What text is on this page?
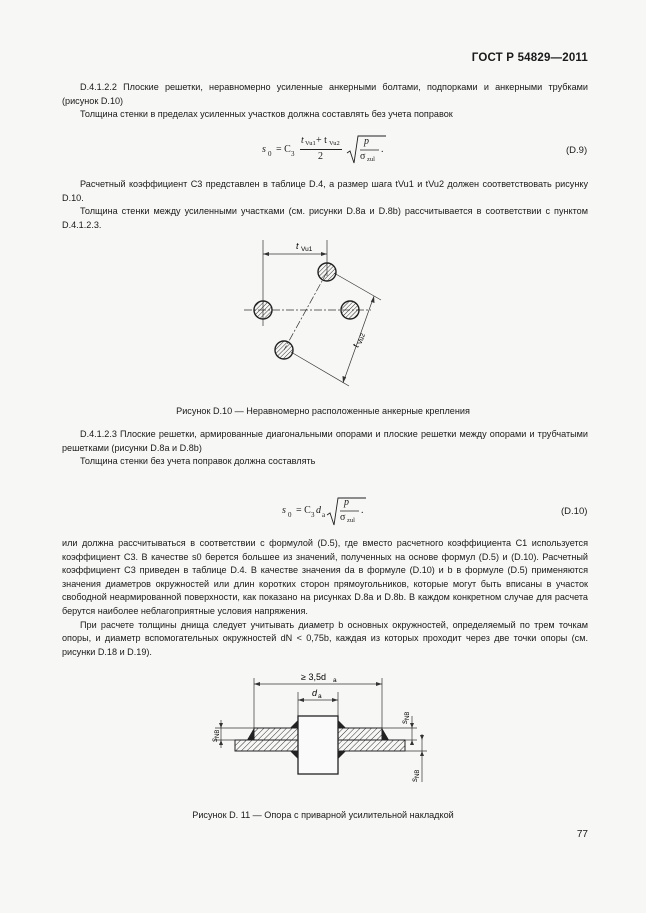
ГОСТ Р 54829—2011

D.4.1.2.2 Плоские решетки, неравномерно усиленные анкерными болтами, подпорками и анкерными трубками (рисунок D.10)

Толщина стенки в пределах усиленных участков должна составлять без учета поправок

s 0 = C 3
t Vu1 + t Vu2
2
p
σ zul
.	(D.9)

Расчетный коэффициент C3 представлен в таблице D.4, а размер шага tVu1 и tVu2 должен соответствовать рисунку D.10.

Толщина стенки между усиленными участками (см. рисунки D.8a и D.8b) рассчитывается в соответствии с пунктом D.4.1.2.3.

t Vu1
t
Vu2
Рисунок D.10 — Неравномерно расположенные анкерные крепления

D.4.1.2.3 Плоские решетки, армированные диагональными опорами и плоские решетки между опорами и трубчатыми решетками (рисунки D.8a и D.8b)

Толщина стенки без учета поправок должна составлять

s 0 = C 3 d a
p
σ zul
.	(D.10)

или должна рассчитываться в соответствии с формулой (D.5), где вместо расчетного коэффициента C1 используется коэффициент C3. В качестве s0 берется большее из значений, полученных на основе формул (D.5) и (D.10). Расчетный коэффициент C3 приведен в таблице D.4. В качестве значения da в формуле (D.10) и b в формуле (D.5) применяются значения диаметров окружностей или длин коротких сторон прямоугольников, которые могут быть вписаны в участок свободной неармированной поверхности, как показано на рисунках D.8a и D.8b. В каждом конкретном случае для расчета берутся наиболее неблагоприятные условия напряжения.

При расчете толщины днища следует учитывать диаметр b основных окружностей, определяемый по трем точкам опоры, и диаметр вспомогательных окружностей dN < 0,75b, каждая из которых проходит через две точки опоры (см. рисунки D.18 и D.19).

≥ 3,5d a
d a
s
NB
s
NB
s
NB
Рисунок D. 11 — Опора с приварной усилительной накладкой
77
